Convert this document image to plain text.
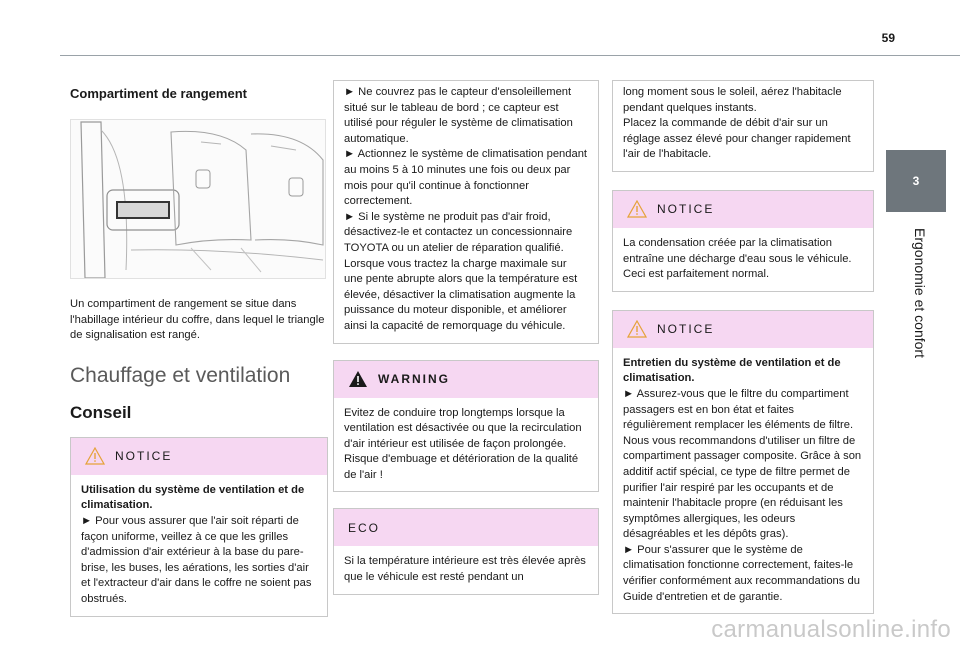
59
3
Ergonomie et confort
Compartiment de rangement
Un compartiment de rangement se situe dans l'habillage intérieur du coffre, dans lequel le triangle de signalisation est rangé.
Chauffage et ventilation
Conseil
NOTICE

Utilisation du système de ventilation et de climatisation.

► Pour vous assurer que l'air soit réparti de façon uniforme, veillez à ce que les grilles d'admission d'air extérieur à la base du pare-brise, les buses, les aérations, les sorties d'air et l'extracteur d'air dans le coffre ne soient pas obstrués.

► Ne couvrez pas le capteur d'ensoleillement situé sur le tableau de bord ; ce capteur est utilisé pour réguler le système de climatisation automatique.
► Actionnez le système de climatisation pendant au moins 5 à 10 minutes une fois ou deux par mois pour qu'il continue à fonctionner correctement.
► Si le système ne produit pas d'air froid, désactivez-le et contactez un concessionnaire TOYOTA ou un atelier de réparation qualifié.
Lorsque vous tractez la charge maximale sur une pente abrupte alors que la température est élevée, désactiver la climatisation augmente la puissance du moteur disponible, et améliorer ainsi la capacité de remorquage du véhicule.
WARNING
Evitez de conduire trop longtemps lorsque la ventilation est désactivée ou que la recirculation d'air intérieur est utilisée de façon prolongée. Risque d'embuage et détérioration de la qualité de l'air !
ECO
Si la température intérieure est très élevée après que le véhicule est resté pendant un
long moment sous le soleil, aérez l'habitacle pendant quelques instants.
Placez la commande de débit d'air sur un réglage assez élevé pour changer rapidement l'air de l'habitacle.
NOTICE
La condensation créée par la climatisation entraîne une décharge d'eau sous le véhicule. Ceci est parfaitement normal.
NOTICE

Entretien du système de ventilation et de climatisation.

► Assurez-vous que le filtre du compartiment passagers est en bon état et faites régulièrement remplacer les éléments de filtre.
Nous vous recommandons d'utiliser un filtre de compartiment passager composite. Grâce à son additif actif spécial, ce type de filtre permet de purifier l'air respiré par les occupants et de maintenir l'habitacle propre (en réduisant les symptômes allergiques, les odeurs désagréables et les dépôts gras).
► Pour s'assurer que le système de climatisation fonctionne correctement, faites-le vérifier conformément aux recommandations du Guide d'entretien et de garantie.

carmanualsonline.info
